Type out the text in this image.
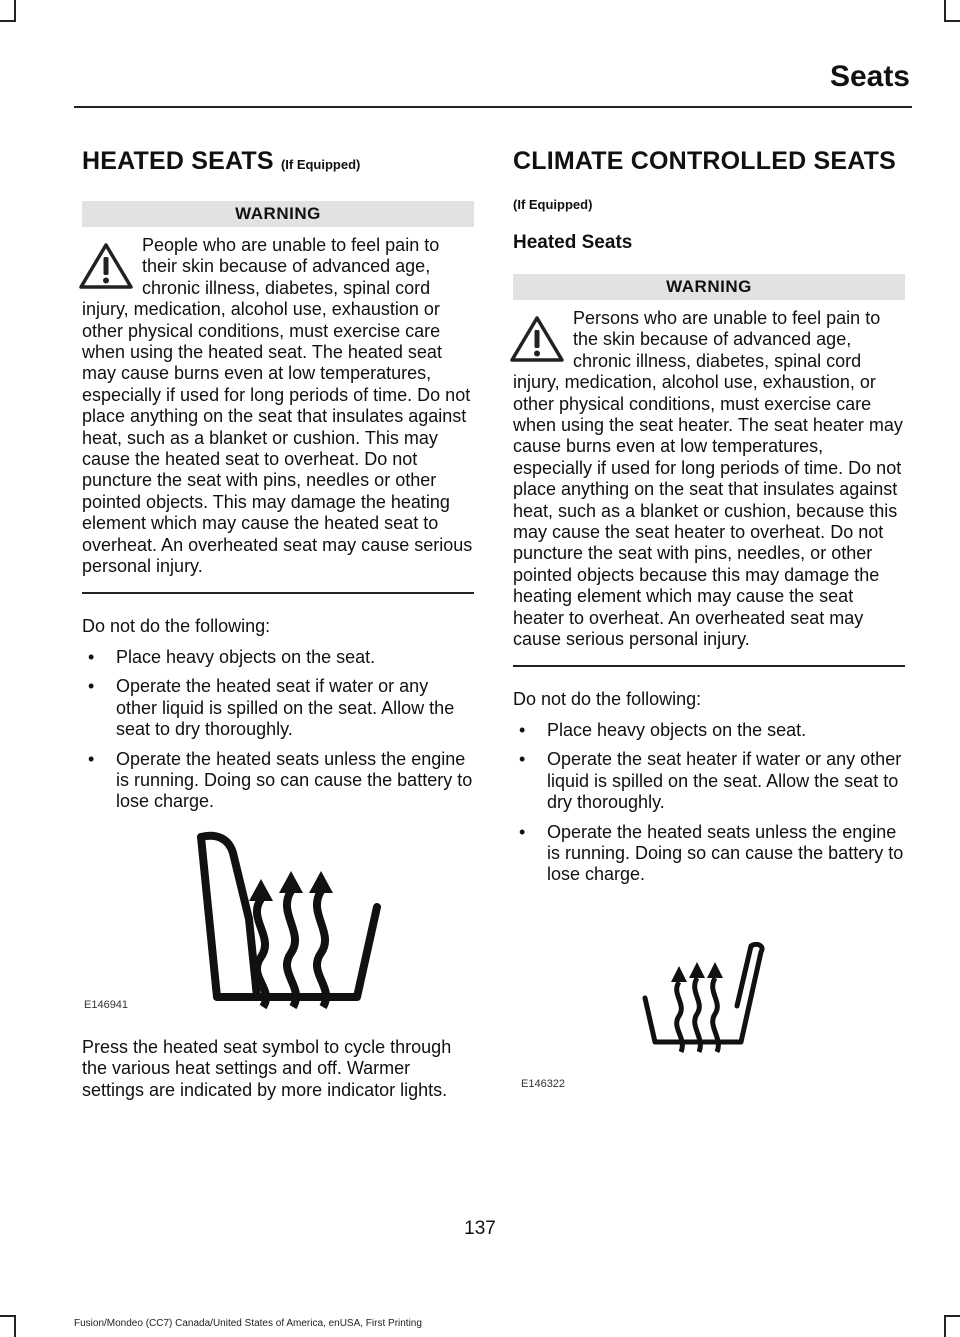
Seats
HEATED SEATS (If Equipped)
WARNING
People who are unable to feel pain to their skin because of advanced age, chronic illness, diabetes, spinal cord injury, medication, alcohol use, exhaustion or other physical conditions, must exercise care when using the heated seat. The heated seat may cause burns even at low temperatures, especially if used for long periods of time. Do not place anything on the seat that insulates against heat, such as a blanket or cushion. This may cause the heated seat to overheat. Do not puncture the seat with pins, needles or other pointed objects. This may damage the heating element which may cause the heated seat to overheat. An overheated seat may cause serious personal injury.

Do not do the following:

• Place heavy objects on the seat.
• Operate the heated seat if water or any other liquid is spilled on the seat. Allow the seat to dry thoroughly.
• Operate the heated seats unless the engine is running. Doing so can cause the battery to lose charge.
E146941

Press the heated seat symbol to cycle through the various heat settings and off. Warmer settings are indicated by more indicator lights.

CLIMATE CONTROLLED SEATS
(If Equipped)
Heated Seats
WARNING
Persons who are unable to feel pain to the skin because of advanced age, chronic illness, diabetes, spinal cord injury, medication, alcohol use, exhaustion, or other physical conditions, must exercise care when using the seat heater. The seat heater may cause burns even at low temperatures, especially if used for long periods of time. Do not place anything on the seat that insulates against heat, such as a blanket or cushion, because this may cause the seat heater to overheat. Do not puncture the seat with pins, needles, or other pointed objects because this may damage the heating element which may cause the seat heater to overheat. An overheated seat may cause serious personal injury.

Do not do the following:

• Place heavy objects on the seat.
• Operate the seat heater if water or any other liquid is spilled on the seat. Allow the seat to dry thoroughly.
• Operate the heated seats unless the engine is running. Doing so can cause the battery to lose charge.
E146322
137
Fusion/Mondeo (CC7) Canada/United States of America, enUSA, First Printing
